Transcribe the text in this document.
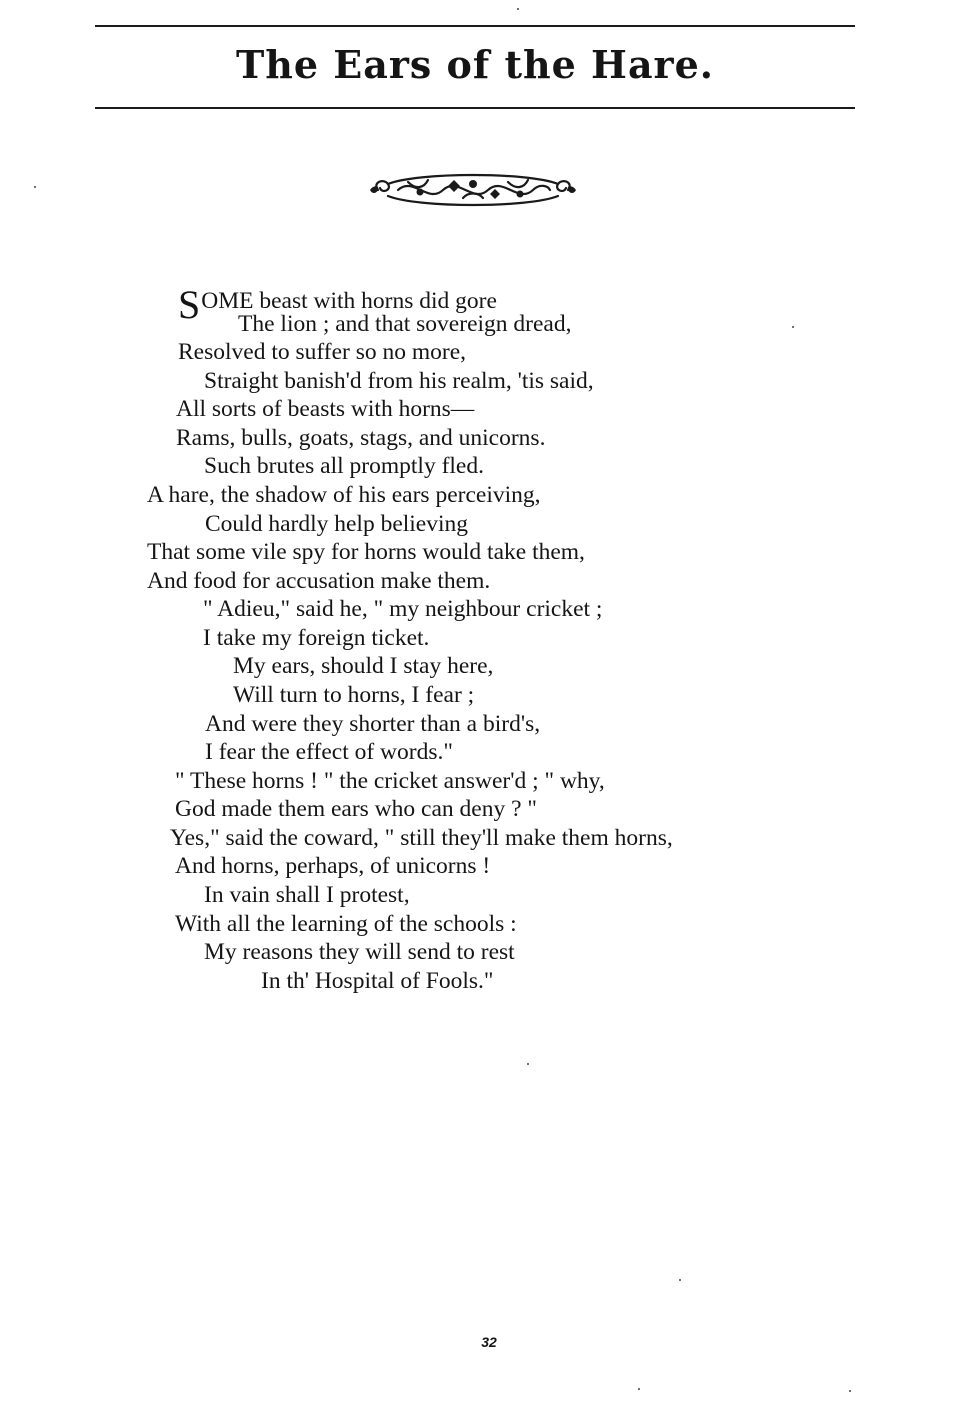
The Ears of the Hare.
SOME beast with horns did gore
The lion ; and that sovereign dread,
Resolved to suffer so no more,
Straight banish'd from his realm, 'tis said,
All sorts of beasts with horns—
Rams, bulls, goats, stags, and unicorns.
Such brutes all promptly fled.
A hare, the shadow of his ears perceiving,
Could hardly help believing
That some vile spy for horns would take them,
And food for accusation make them.
" Adieu," said he, " my neighbour cricket ;
I take my foreign ticket.
My ears, should I stay here,
Will turn to horns, I fear ;
And were they shorter than a bird's,
I fear the effect of words."
" These horns ! " the cricket answer'd ; " why,
God made them ears who can deny ? "
Yes," said the coward, " still they'll make them horns,
And horns, perhaps, of unicorns !
In vain shall I protest,
With all the learning of the schools :
My reasons they will send to rest
In th' Hospital of Fools."
32
